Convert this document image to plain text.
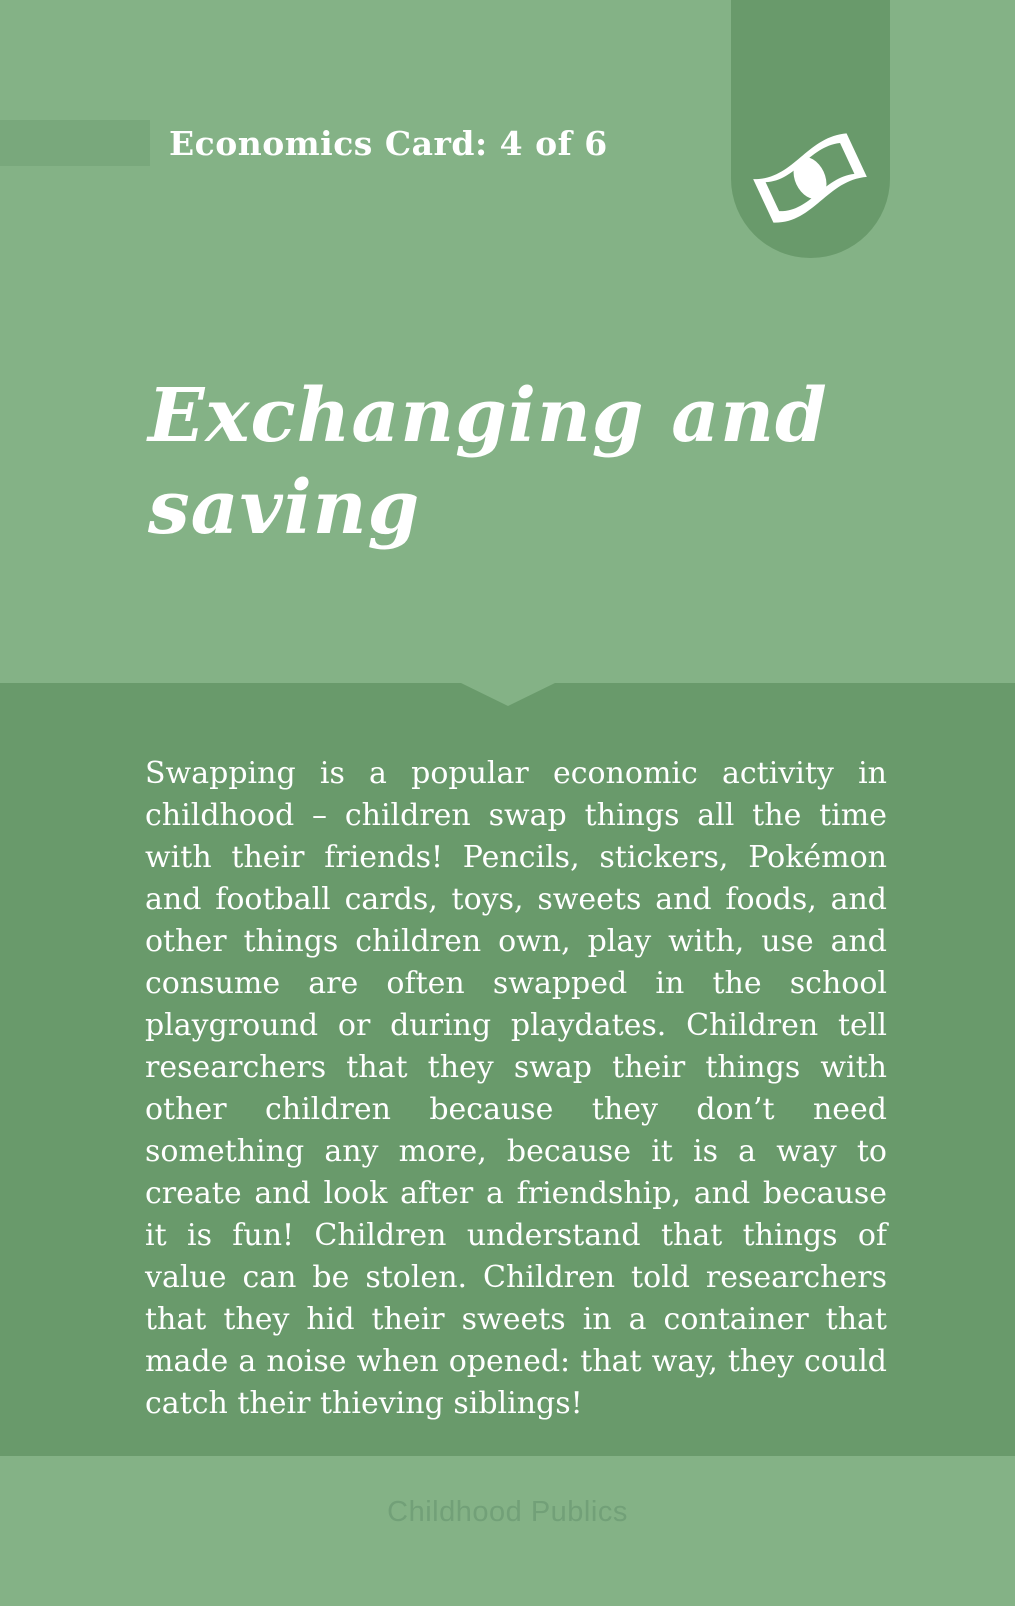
Economics Card: 4 of 6
Exchanging and saving

Swapping is a popular economic activity in childhood – children swap things all the time with their friends! Pencils, stickers, Pokémon and football cards, toys, sweets and foods, and other things children own, play with, use and consume are often swapped in the school playground or during playdates. Children tell researchers that they swap their things with other children because they don’t need something any more, because it is a way to create and look after a friendship, and because it is fun! Children understand that things of value can be stolen. Children told researchers that they hid their sweets in a container that made a noise when opened: that way, they could catch their thieving siblings!

Childhood Publics
